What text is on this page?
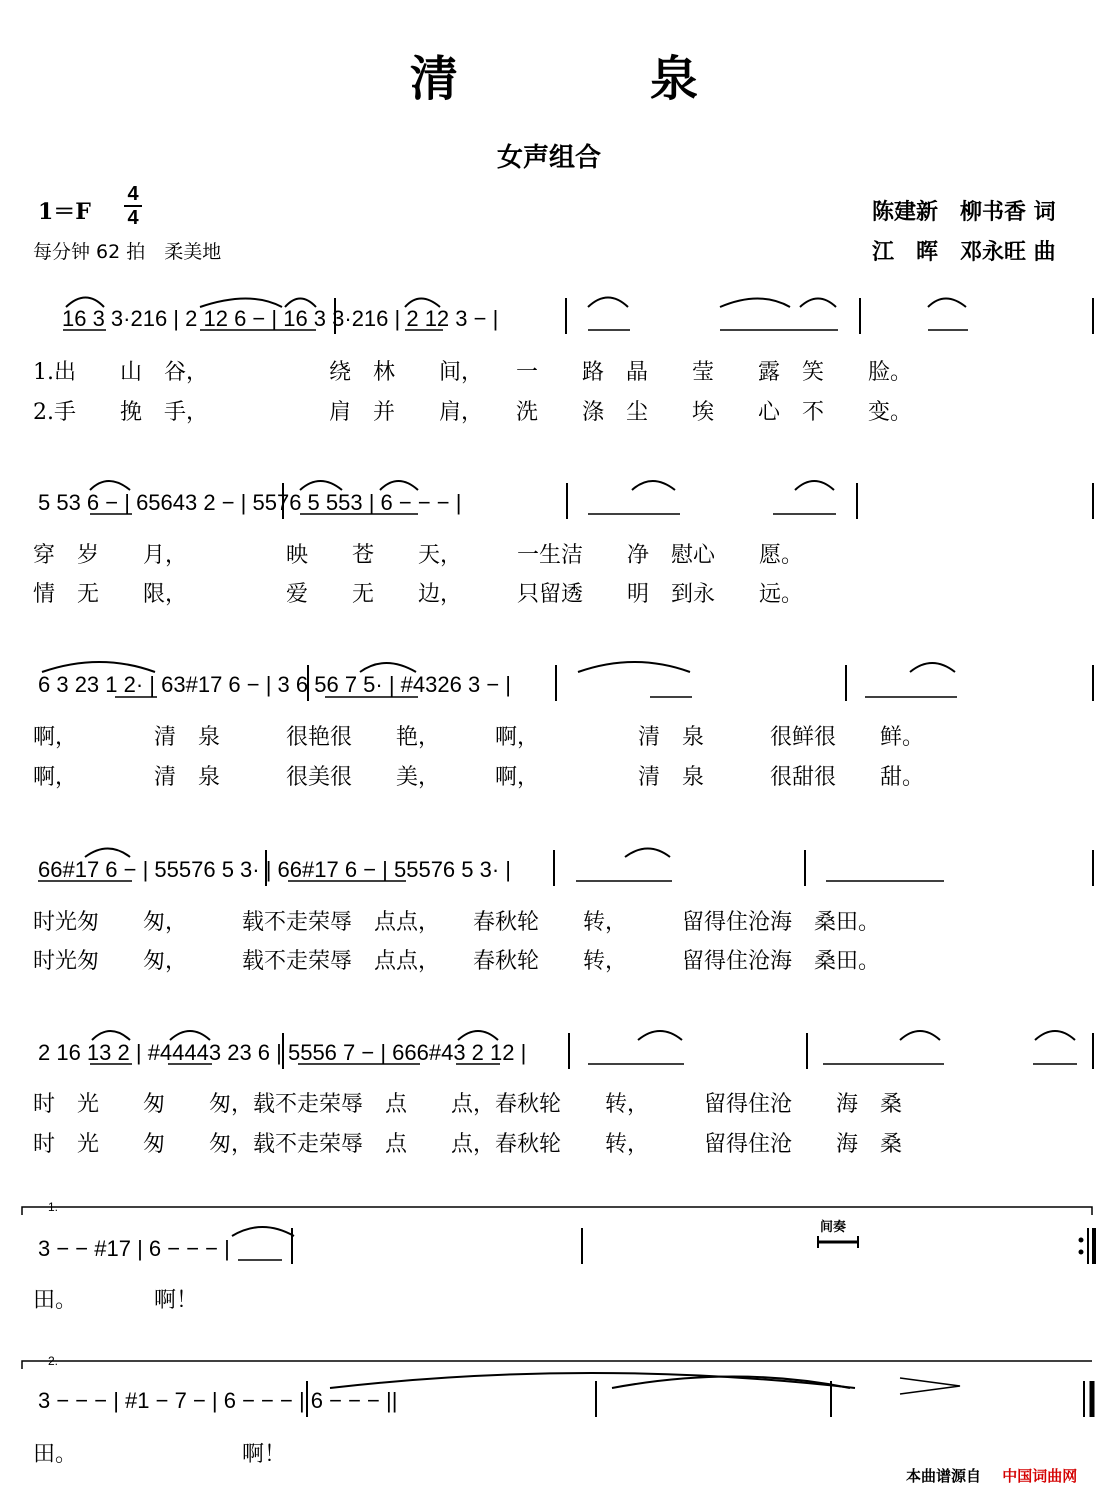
清　　　　泉
女声组合
1＝F
4
4
每分钟 62 拍　柔美地
陈建新　柳书香 词
江　晖　邓永旺 曲
16 3 3·216 | 2 12 6 − | 16 3 3·216 | 2 12 3 − |
1.出　　山　谷，　　　　　　绕　林　　间，　　一　　路　晶　　莹　　露　笑　　脸。
2.手　　挽　手，　　　　　　肩　并　　肩，　　洗　　涤　尘　　埃　　心　不　　变。
5 53 6 − | 65643 2 − | 5576 5 553 | 6 − − − |
穿　岁　　月，　　　　　映　　苍　　天，　　　一生洁　　净　慰心　　愿。
情　无　　限，　　　　　爱　　无　　边，　　　只留透　　明　到永　　远。
6 3 23 1 2· | 63#17 6 − | 3 6 56 7 5· | #4326 3 − |
啊，　　　　清　泉　　　很艳很　　艳，　　　啊，　　　　　清　泉　　　很鲜很　　鲜。
啊，　　　　清　泉　　　很美很　　美，　　　啊，　　　　　清　泉　　　很甜很　　甜。
66#17 6 − | 55576 5 3· | 66#17 6 − | 55576 5 3· |
时光匆　　匆，　　　载不走荣辱　点点，　　春秋轮　　转，　　　留得住沧海　桑田。
时光匆　　匆，　　　载不走荣辱　点点，　　春秋轮　　转，　　　留得住沧海　桑田。
2 16 13 2 | #44443 23 6 | 5556 7 − | 666#43 2 12 |
时　光　　匆　　匆，载不走荣辱　点　　点，春秋轮　　转，　　　留得住沧　　海　桑
时　光　　匆　　匆，载不走荣辱　点　　点，春秋轮　　转，　　　留得住沧　　海　桑
1.
间奏
3 − − #17 | 6 − − − |
田。　　　　啊！
2.
3 − − − | #1 − 7 − | 6 − − − | 6 − − − ||
田。　　　　　　　　啊！
本曲谱源自 中国词曲网
